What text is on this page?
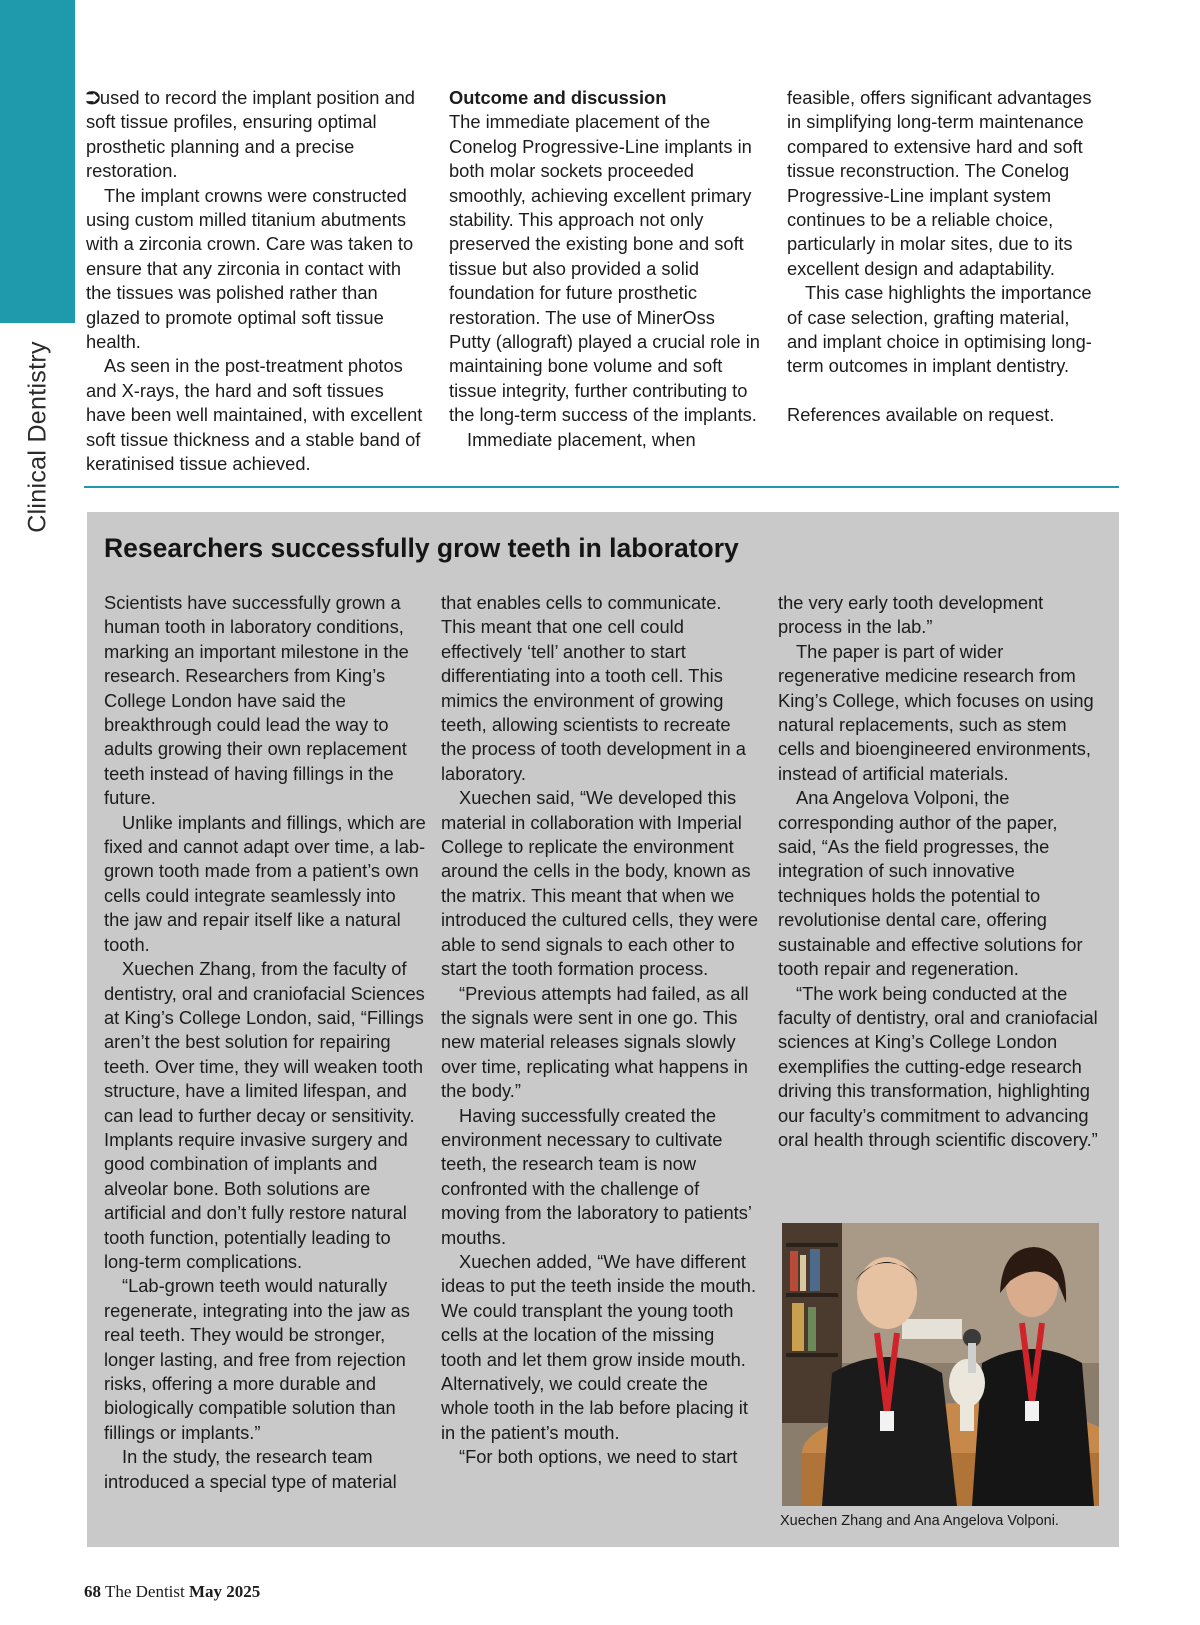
Clinical Dentistry

⮊used to record the implant position and soft tissue profiles, ensuring optimal prosthetic planning and a precise restoration.

The implant crowns were constructed using custom milled titanium abutments with a zirconia crown. Care was taken to ensure that any zirconia in contact with the tissues was polished rather than glazed to promote optimal soft tissue health.

As seen in the post-treatment photos and X-rays, the hard and soft tissues have been well maintained, with excellent soft tissue thickness and a stable band of keratinised tissue achieved.

Outcome and discussion

The immediate placement of the Conelog Progressive-Line implants in both molar sockets proceeded smoothly, achieving excellent primary stability. This approach not only preserved the existing bone and soft tissue but also provided a solid foundation for future prosthetic restoration. The use of MinerOss Putty (allograft) played a crucial role in maintaining bone volume and soft tissue integrity, further contributing to the long-term success of the implants.

Immediate placement, when

feasible, offers significant advantages in simplifying long-term maintenance compared to extensive hard and soft tissue reconstruction. The Conelog Progressive-Line implant system continues to be a reliable choice, particularly in molar sites, due to its excellent design and adaptability.

This case highlights the importance of case selection, grafting material, and implant choice in optimising long-term outcomes in implant dentistry.

References available on request.

Researchers successfully grow teeth in laboratory

Scientists have successfully grown a human tooth in laboratory conditions, marking an important milestone in the research. Researchers from King’s College London have said the breakthrough could lead the way to adults growing their own replacement teeth instead of having fillings in the future.

Unlike implants and fillings, which are fixed and cannot adapt over time, a lab-grown tooth made from a patient’s own cells could integrate seamlessly into the jaw and repair itself like a natural tooth.

Xuechen Zhang, from the faculty of dentistry, oral and craniofacial Sciences at King’s College London, said, “Fillings aren’t the best solution for repairing teeth. Over time, they will weaken tooth structure, have a limited lifespan, and can lead to further decay or sensitivity. Implants require invasive surgery and good combination of implants and alveolar bone. Both solutions are artificial and don’t fully restore natural tooth function, potentially leading to long-term complications.

“Lab-grown teeth would naturally regenerate, integrating into the jaw as real teeth. They would be stronger, longer lasting, and free from rejection risks, offering a more durable and biologically compatible solution than fillings or implants.”

In the study, the research team introduced a special type of material

that enables cells to communicate. This meant that one cell could effectively ‘tell’ another to start differentiating into a tooth cell. This mimics the environment of growing teeth, allowing scientists to recreate the process of tooth development in a laboratory.

Xuechen said, “We developed this material in collaboration with Imperial College to replicate the environment around the cells in the body, known as the matrix. This meant that when we introduced the cultured cells, they were able to send signals to each other to start the tooth formation process.

“Previous attempts had failed, as all the signals were sent in one go. This new material releases signals slowly over time, replicating what happens in the body.”

Having successfully created the environment necessary to cultivate teeth, the research team is now confronted with the challenge of moving from the laboratory to patients’ mouths.

Xuechen added, “We have different ideas to put the teeth inside the mouth. We could transplant the young tooth cells at the location of the missing tooth and let them grow inside mouth. Alternatively, we could create the whole tooth in the lab before placing it in the patient’s mouth.

“For both options, we need to start

the very early tooth development process in the lab.”

The paper is part of wider regenerative medicine research from King’s College, which focuses on using natural replacements, such as stem cells and bioengineered environments, instead of artificial materials.

Ana Angelova Volponi, the corresponding author of the paper, said, “As the field progresses, the integration of such innovative techniques holds the potential to revolutionise dental care, offering sustainable and effective solutions for tooth repair and regeneration.

“The work being conducted at the faculty of dentistry, oral and craniofacial sciences at King’s College London exemplifies the cutting-edge research driving this transformation, highlighting our faculty’s commitment to advancing oral health through scientific discovery.”

Xuechen Zhang and Ana Angelova Volponi.
68 The Dentist May 2025
